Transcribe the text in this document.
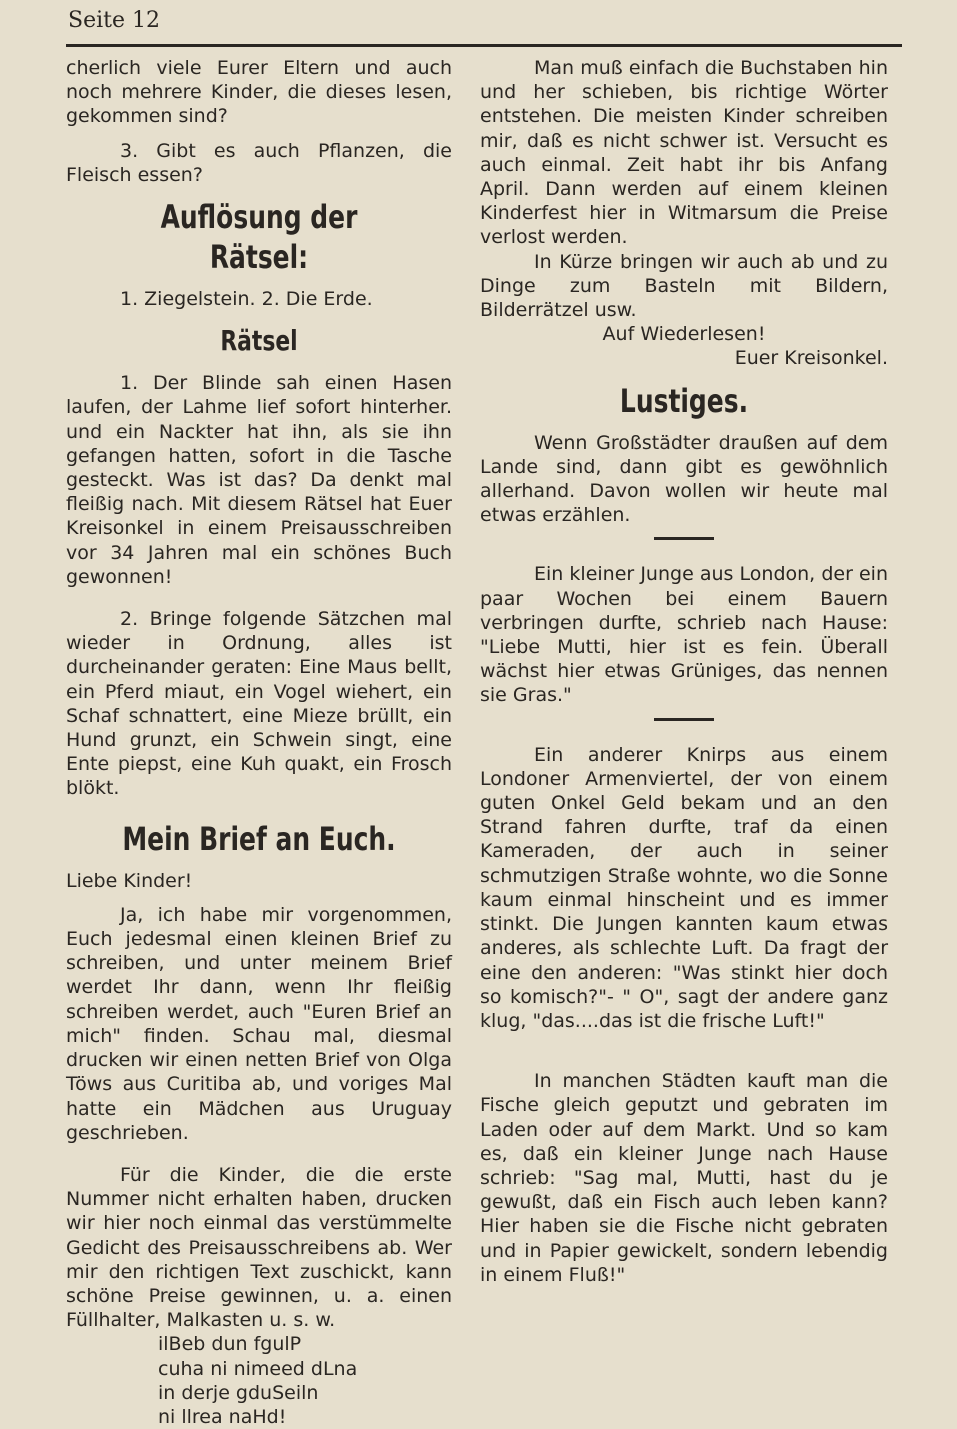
Seite 12

cherlich viele Eurer Eltern und auch noch mehrere Kinder, die dieses lesen, gekommen sind?

3. Gibt es auch Pflanzen, die Fleisch essen?

Auflösung der Rätsel:

1. Ziegelstein. 2. Die Erde.

Rätsel

1. Der Blinde sah einen Hasen laufen, der Lahme lief sofort hinterher. und ein Nackter hat ihn, als sie ihn gefangen hatten, sofort in die Tasche gesteckt. Was ist das? Da denkt mal fleißig nach. Mit diesem Rätsel hat Euer Kreisonkel in einem Preisausschreiben vor 34 Jahren mal ein schönes Buch gewonnen!

2. Bringe folgende Sätzchen mal wieder in Ordnung, alles ist durcheinander geraten: Eine Maus bellt, ein Pferd miaut, ein Vogel wiehert, ein Schaf schnattert, eine Mieze brüllt, ein Hund grunzt, ein Schwein singt, eine Ente piepst, eine Kuh quakt, ein Frosch blökt.

Mein Brief an Euch.

Liebe Kinder!

Ja, ich habe mir vorgenommen, Euch jedesmal einen kleinen Brief zu schreiben, und unter meinem Brief werdet Ihr dann, wenn Ihr fleißig schreiben werdet, auch "Euren Brief an mich" finden. Schau mal, diesmal drucken wir einen netten Brief von Olga Töws aus Curitiba ab, und voriges Mal hatte ein Mädchen aus Uruguay geschrieben.

Für die Kinder, die die erste Nummer nicht erhalten haben, drucken wir hier noch einmal das verstümmelte Gedicht des Preisausschreibens ab. Wer mir den richtigen Text zuschickt, kann schöne Preise gewinnen, u. a. einen Füllhalter, Malkasten u. s. w.

ilBeb dun fgulP

cuha ni nimeed dLna

in derje gduSeiln

ni llrea naHd!

Man muß einfach die Buchstaben hin und her schieben, bis richtige Wörter entstehen. Die meisten Kinder schreiben mir, daß es nicht schwer ist. Versucht es auch einmal. Zeit habt ihr bis Anfang April. Dann werden auf einem kleinen Kinderfest hier in Witmarsum die Preise verlost werden.

In Kürze bringen wir auch ab und zu Dinge zum Basteln mit Bildern, Bilderrätzel usw.

Auf Wiederlesen!

Euer Kreisonkel.

Lustiges.

Wenn Großstädter draußen auf dem Lande sind, dann gibt es gewöhnlich allerhand. Davon wollen wir heute mal etwas erzählen.

Ein kleiner Junge aus London, der ein paar Wochen bei einem Bauern verbringen durfte, schrieb nach Hause: "Liebe Mutti, hier ist es fein. Überall wächst hier etwas Grüniges, das nennen sie Gras."

Ein anderer Knirps aus einem Londoner Armenviertel, der von einem guten Onkel Geld bekam und an den Strand fahren durfte, traf da einen Kameraden, der auch in seiner schmutzigen Straße wohnte, wo die Sonne kaum einmal hinscheint und es immer stinkt. Die Jungen kannten kaum etwas anderes, als schlechte Luft. Da fragt der eine den anderen: "Was stinkt hier doch so komisch?"- " O", sagt der andere ganz klug, "das....das ist die frische Luft!"

In manchen Städten kauft man die Fische gleich geputzt und gebraten im Laden oder auf dem Markt. Und so kam es, daß ein kleiner Junge nach Hause schrieb: "Sag mal, Mutti, hast du je gewußt, daß ein Fisch auch leben kann? Hier haben sie die Fische nicht gebraten und in Papier gewickelt, sondern lebendig in einem Fluß!"
